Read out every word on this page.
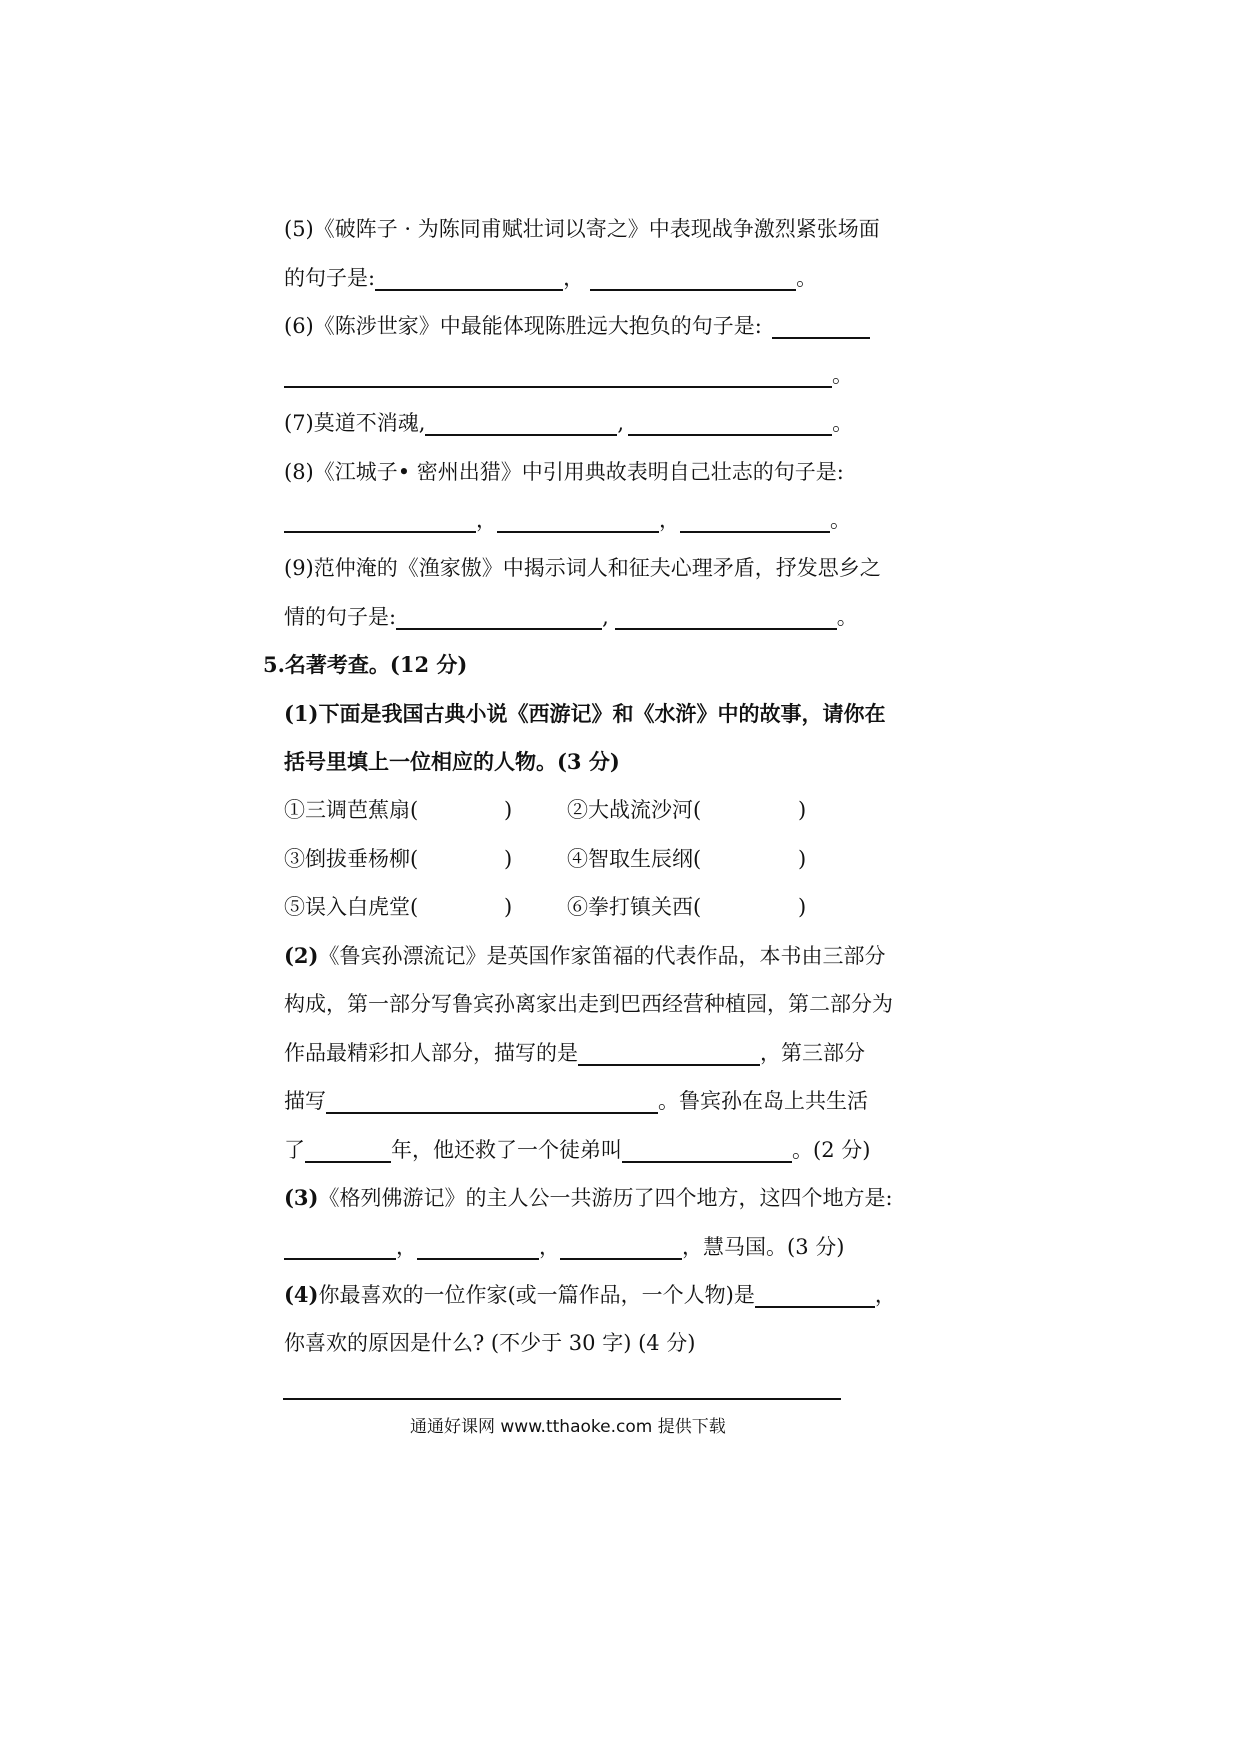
(5)《破阵子 · 为陈同甫赋壮词以寄之》中表现战争激烈紧张场面
的句子是:	，	。
(6)《陈涉世家》中最能体现陈胜远大抱负的句子是:
。
(7)莫道不消魂,	,	。
(8)《江城子• 密州出猎》中引用典故表明自己壮志的句子是:
，	，	。
(9)范仲淹的《渔家傲》中揭示词人和征夫心理矛盾，抒发思乡之
情的句子是:	,	。
5.名著考查。(12 分)
(1)下面是我国古典小说《西游记》和《水浒》中的故事，请你在
括号里填上一位相应的人物。(3 分)
①三调芭蕉扇(	)	②大战流沙河(	)
③倒拔垂杨柳(	)	④智取生辰纲(	)
⑤误入白虎堂(	)	⑥拳打镇关西(	)
(2)《鲁宾孙漂流记》是英国作家笛福的代表作品，本书由三部分
构成，第一部分写鲁宾孙离家出走到巴西经营种植园，第二部分为
作品最精彩扣人部分，描写的是	，第三部分
描写	。鲁宾孙在岛上共生活
了	年，他还救了一个徒弟叫	。(2 分)
(3)《格列佛游记》的主人公一共游历了四个地方，这四个地方是:
，	，	，慧马国。(3 分)
(4)你最喜欢的一位作家(或一篇作品，一个人物)是	，
你喜欢的原因是什么? (不少于 30 字) (4 分)
通通好课网 www.tthaoke.com 提供下载
